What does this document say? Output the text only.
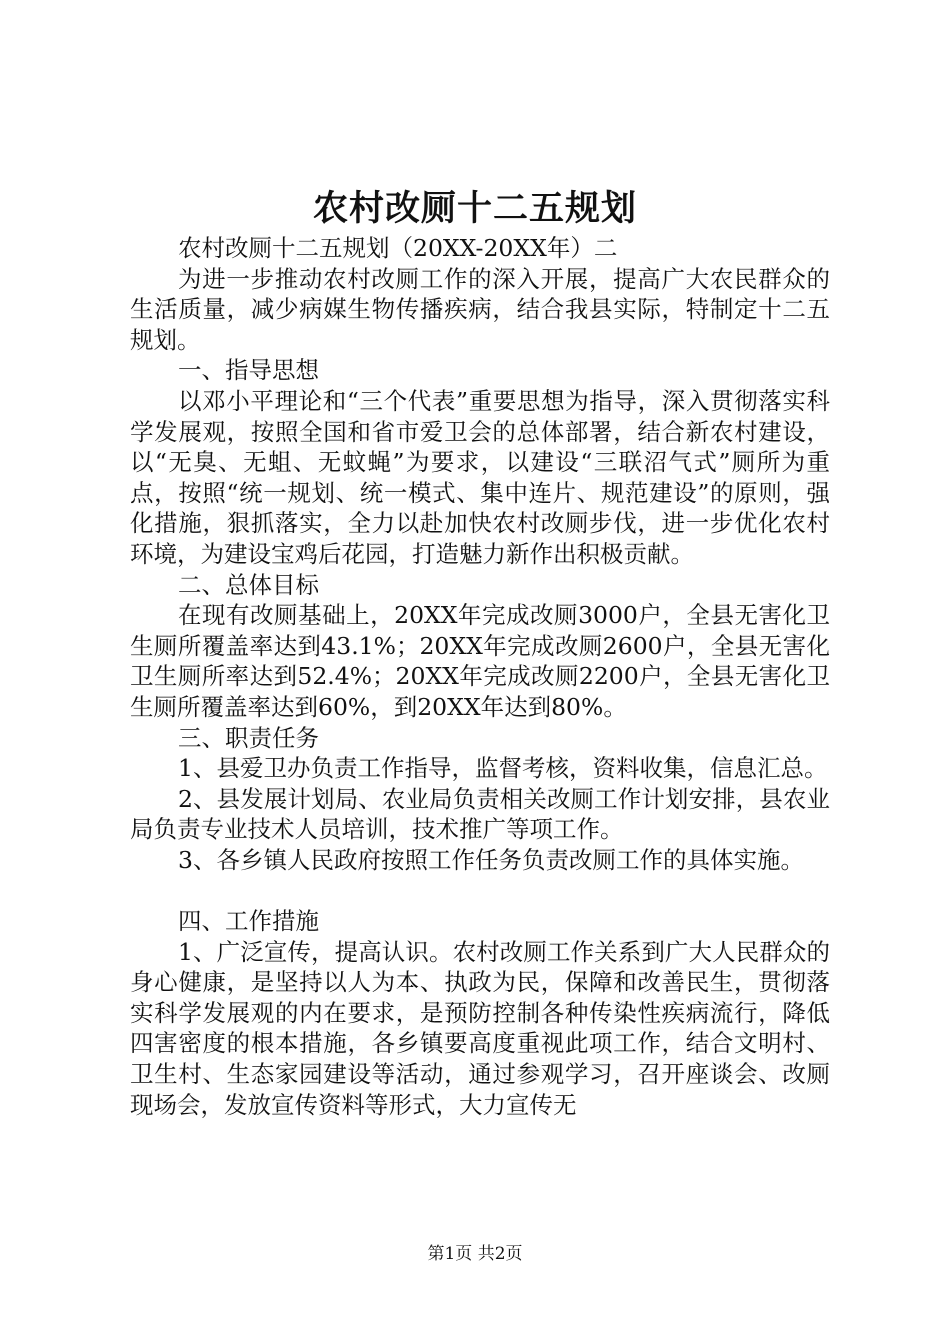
农村改厕十二五规划

农村改厕十二五规划（20XX-20XX年）二

为进一步推动农村改厕工作的深入开展，提高广大农民群众的生活质量，减少病媒生物传播疾病，结合我县实际，特制定十二五规划。

一、指导思想

以邓小平理论和“三个代表”重要思想为指导，深入贯彻落实科学发展观，按照全国和省市爱卫会的总体部署，结合新农村建设，以“无臭、无蛆、无蚊蝇”为要求，以建设“三联沼气式”厕所为重点，按照“统一规划、统一模式、集中连片、规范建设”的原则，强化措施，狠抓落实，全力以赴加快农村改厕步伐，进一步优化农村环境，为建设宝鸡后花园，打造魅力新作出积极贡献。

二、总体目标

在现有改厕基础上，20XX年完成改厕3000户，全县无害化卫生厕所覆盖率达到43.1%；20XX年完成改厕2600户，全县无害化卫生厕所率达到52.4%；20XX年完成改厕2200户，全县无害化卫生厕所覆盖率达到60%，到20XX年达到80%。

三、职责任务

1、县爱卫办负责工作指导，监督考核，资料收集，信息汇总。

2、县发展计划局、农业局负责相关改厕工作计划安排，县农业局负责专业技术人员培训，技术推广等项工作。

3、各乡镇人民政府按照工作任务负责改厕工作的具体实施。

四、工作措施

1、广泛宣传，提高认识。农村改厕工作关系到广大人民群众的身心健康，是坚持以人为本、执政为民，保障和改善民生，贯彻落实科学发展观的内在要求，是预防控制各种传染性疾病流行，降低四害密度的根本措施，各乡镇要高度重视此项工作，结合文明村、卫生村、生态家园建设等活动，通过参观学习，召开座谈会、改厕现场会，发放宣传资料等形式，大力宣传无

第1页 共2页
